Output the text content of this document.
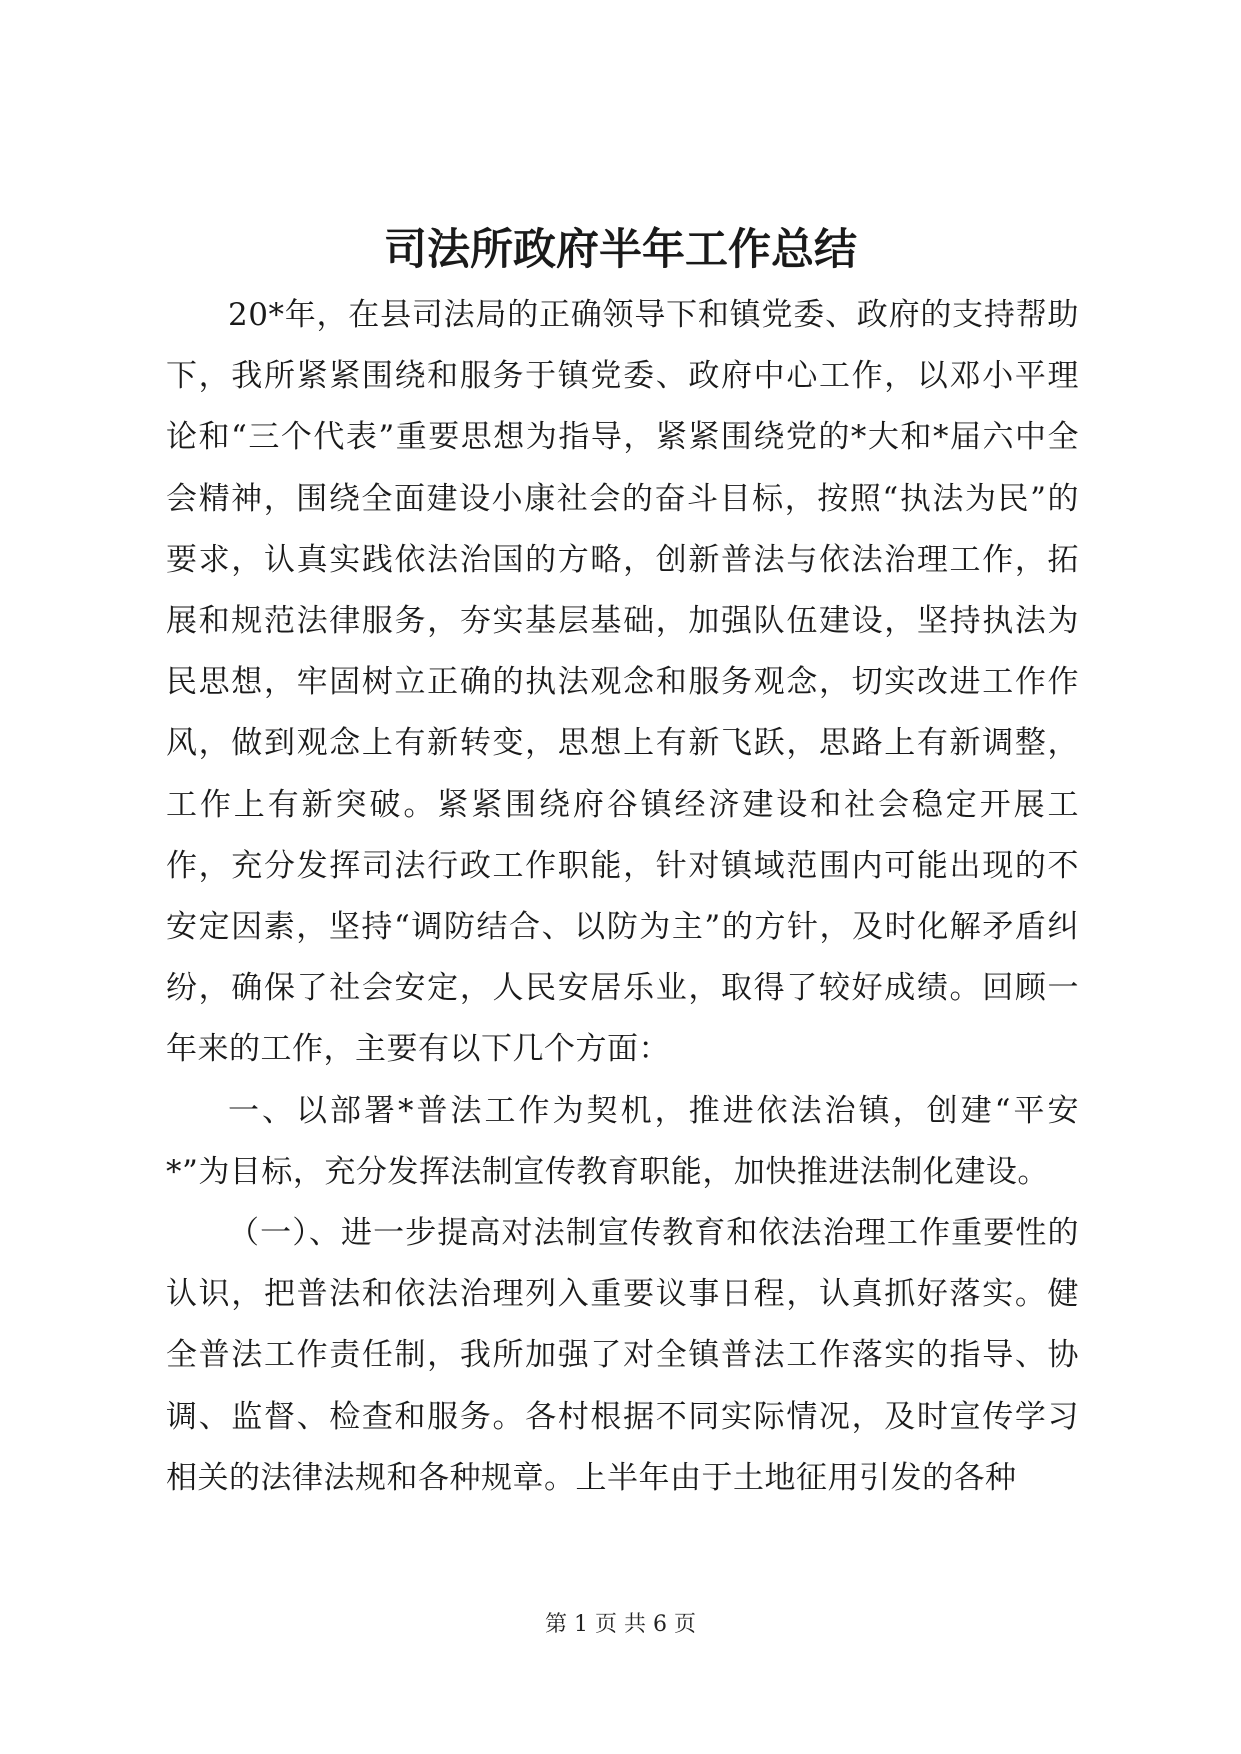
司法所政府半年工作总结

20*年，在县司法局的正确领导下和镇党委、政府的支持帮助下，我所紧紧围绕和服务于镇党委、政府中心工作，以邓小平理论和“三个代表”重要思想为指导，紧紧围绕党的*大和*届六中全会精神，围绕全面建设小康社会的奋斗目标，按照“执法为民”的要求，认真实践依法治国的方略，创新普法与依法治理工作，拓展和规范法律服务，夯实基层基础，加强队伍建设，坚持执法为民思想，牢固树立正确的执法观念和服务观念，切实改进工作作风，做到观念上有新转变，思想上有新飞跃，思路上有新调整，工作上有新突破。紧紧围绕府谷镇经济建设和社会稳定开展工作，充分发挥司法行政工作职能，针对镇域范围内可能出现的不安定因素，坚持“调防结合、以防为主”的方针，及时化解矛盾纠纷，确保了社会安定，人民安居乐业，取得了较好成绩。回顾一年来的工作，主要有以下几个方面：

一、以部署*普法工作为契机，推进依法治镇，创建“平安*”为目标，充分发挥法制宣传教育职能，加快推进法制化建设。

（一）、进一步提高对法制宣传教育和依法治理工作重要性的认识，把普法和依法治理列入重要议事日程，认真抓好落实。健全普法工作责任制，我所加强了对全镇普法工作落实的指导、协调、监督、检查和服务。各村根据不同实际情况，及时宣传学习相关的法律法规和各种规章。上半年由于土地征用引发的各种

第 1 页 共 6 页
